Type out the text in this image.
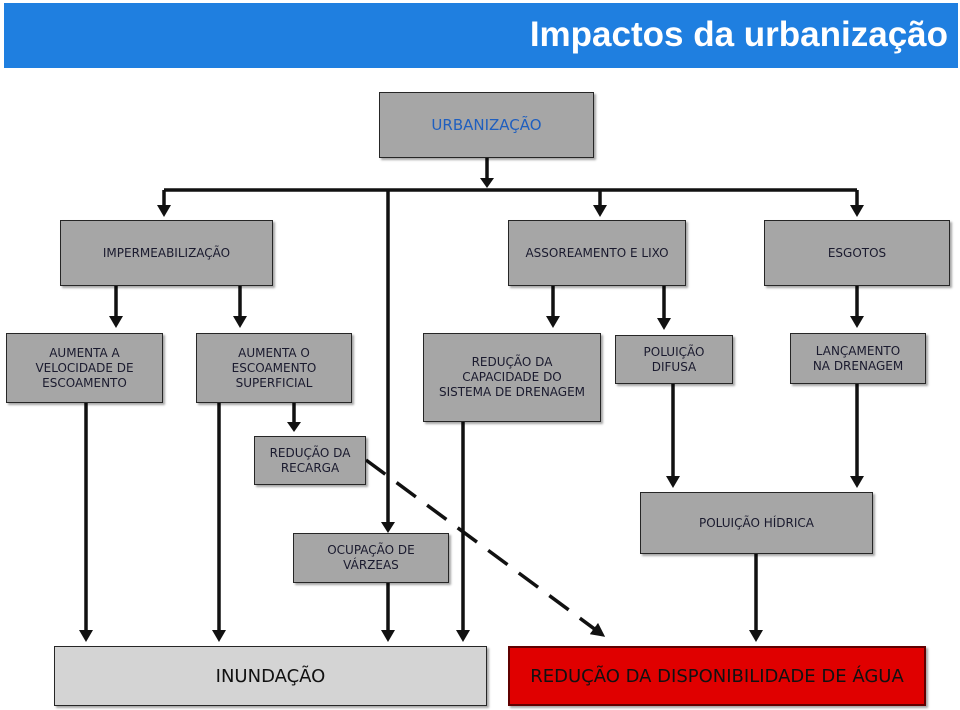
Impactos da urbanização
URBANIZAÇÃO
IMPERMEABILIZAÇÃO	ASSOREAMENTO E LIXO	ESGOTOS
AUMENTA A
VELOCIDADE DE
ESCOAMENTO
AUMENTA O
ESCOAMENTO
SUPERFICIAL
REDUÇÃO DA
CAPACIDADE DO
SISTEMA DE DRENAGEM
POLUIÇÃO
DIFUSA
LANÇAMENTO
NA DRENAGEM
REDUÇÃO DA
RECARGA
POLUIÇÃO HÍDRICA
OCUPAÇÃO DE
VÁRZEAS
INUNDAÇÃO	REDUÇÃO DA DISPONIBILIDADE DE ÁGUA
